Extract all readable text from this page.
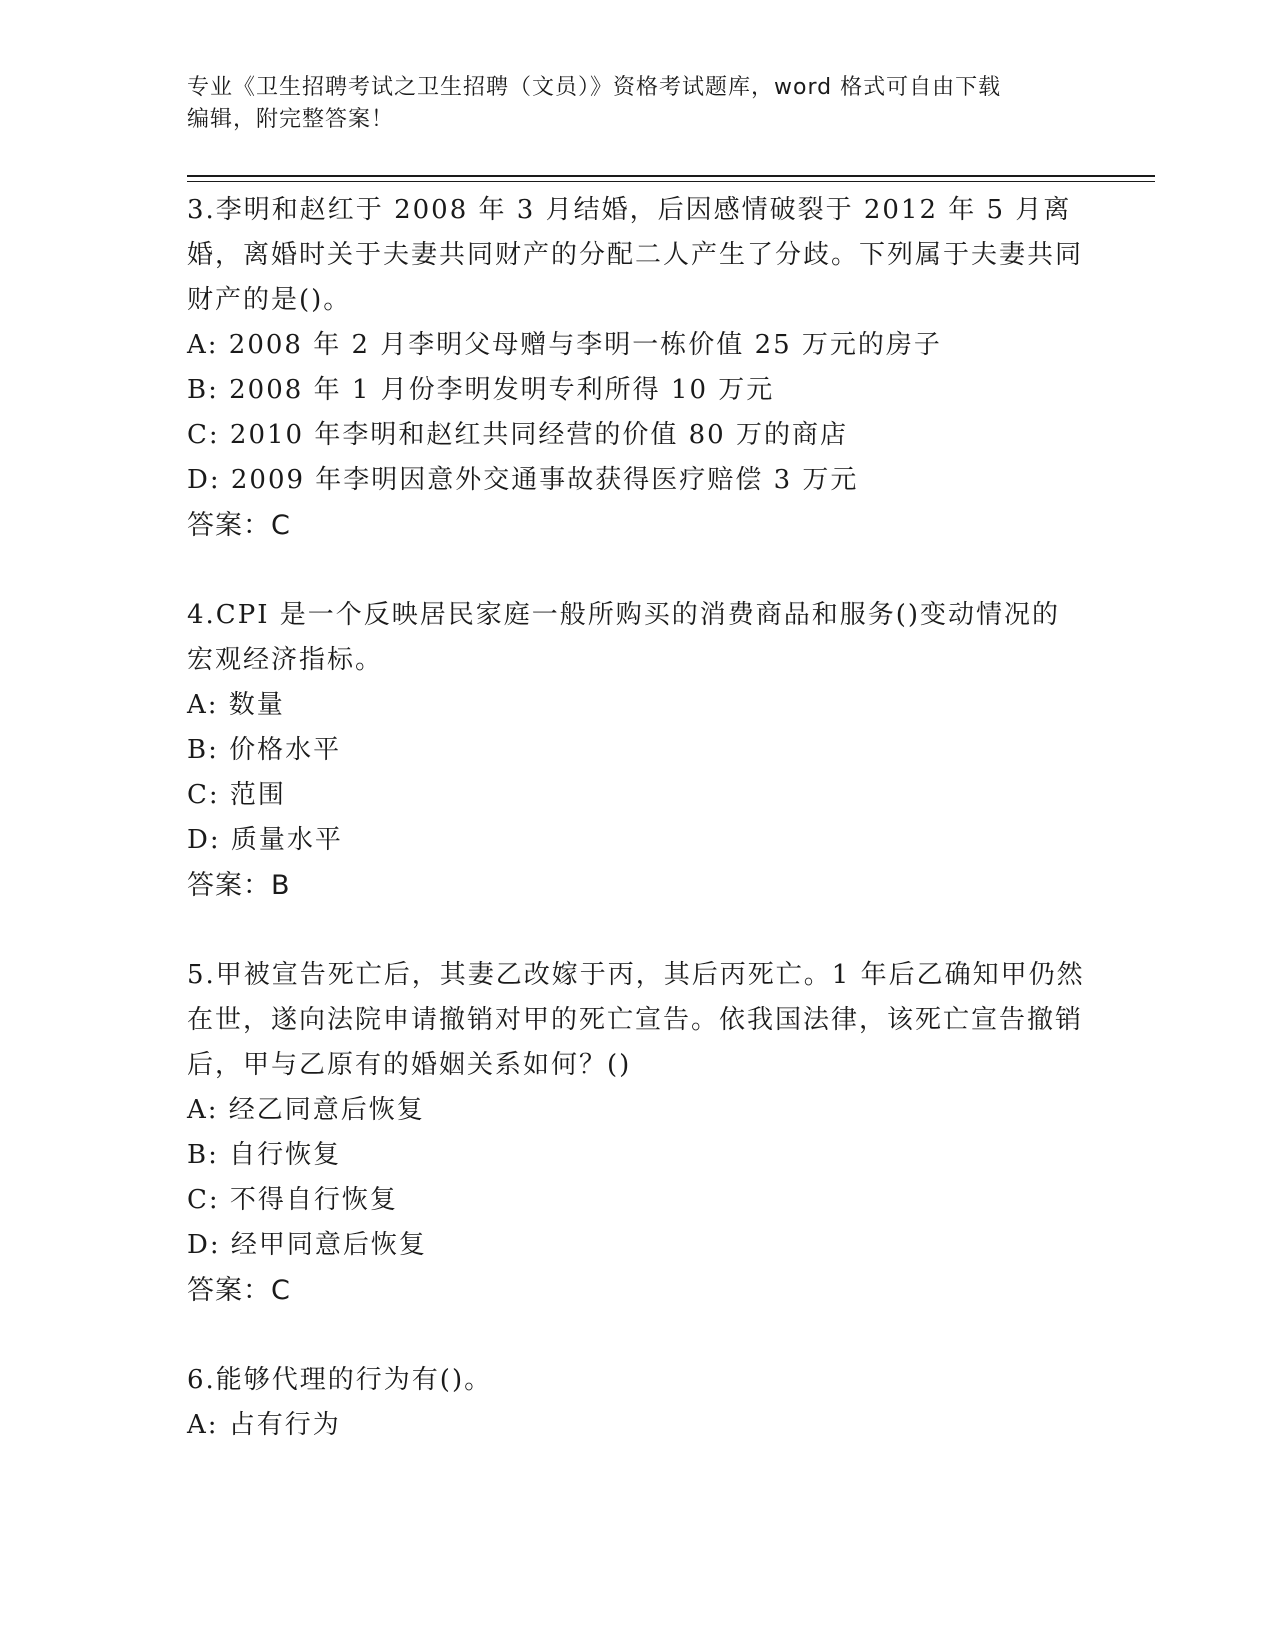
专业《卫生招聘考试之卫生招聘（文员）》资格考试题库，word 格式可自由下载
编辑，附完整答案！

3.李明和赵红于 2008 年 3 月结婚，后因感情破裂于 2012 年 5 月离婚，离婚时关于夫妻共同财产的分配二人产生了分歧。下列属于夫妻共同财产的是()。

A: 2008 年 2 月李明父母赠与李明一栋价值 25 万元的房子

B: 2008 年 1 月份李明发明专利所得 10 万元

C: 2010 年李明和赵红共同经营的价值 80 万的商店

D: 2009 年李明因意外交通事故获得医疗赔偿 3 万元

答案：C

4.CPI 是一个反映居民家庭一般所购买的消费商品和服务()变动情况的宏观经济指标。

A: 数量

B: 价格水平

C: 范围

D: 质量水平

答案：B

5.甲被宣告死亡后，其妻乙改嫁于丙，其后丙死亡。1 年后乙确知甲仍然在世，遂向法院申请撤销对甲的死亡宣告。依我国法律，该死亡宣告撤销后，甲与乙原有的婚姻关系如何？()

A: 经乙同意后恢复

B: 自行恢复

C: 不得自行恢复

D: 经甲同意后恢复

答案：C

6.能够代理的行为有()。

A: 占有行为
